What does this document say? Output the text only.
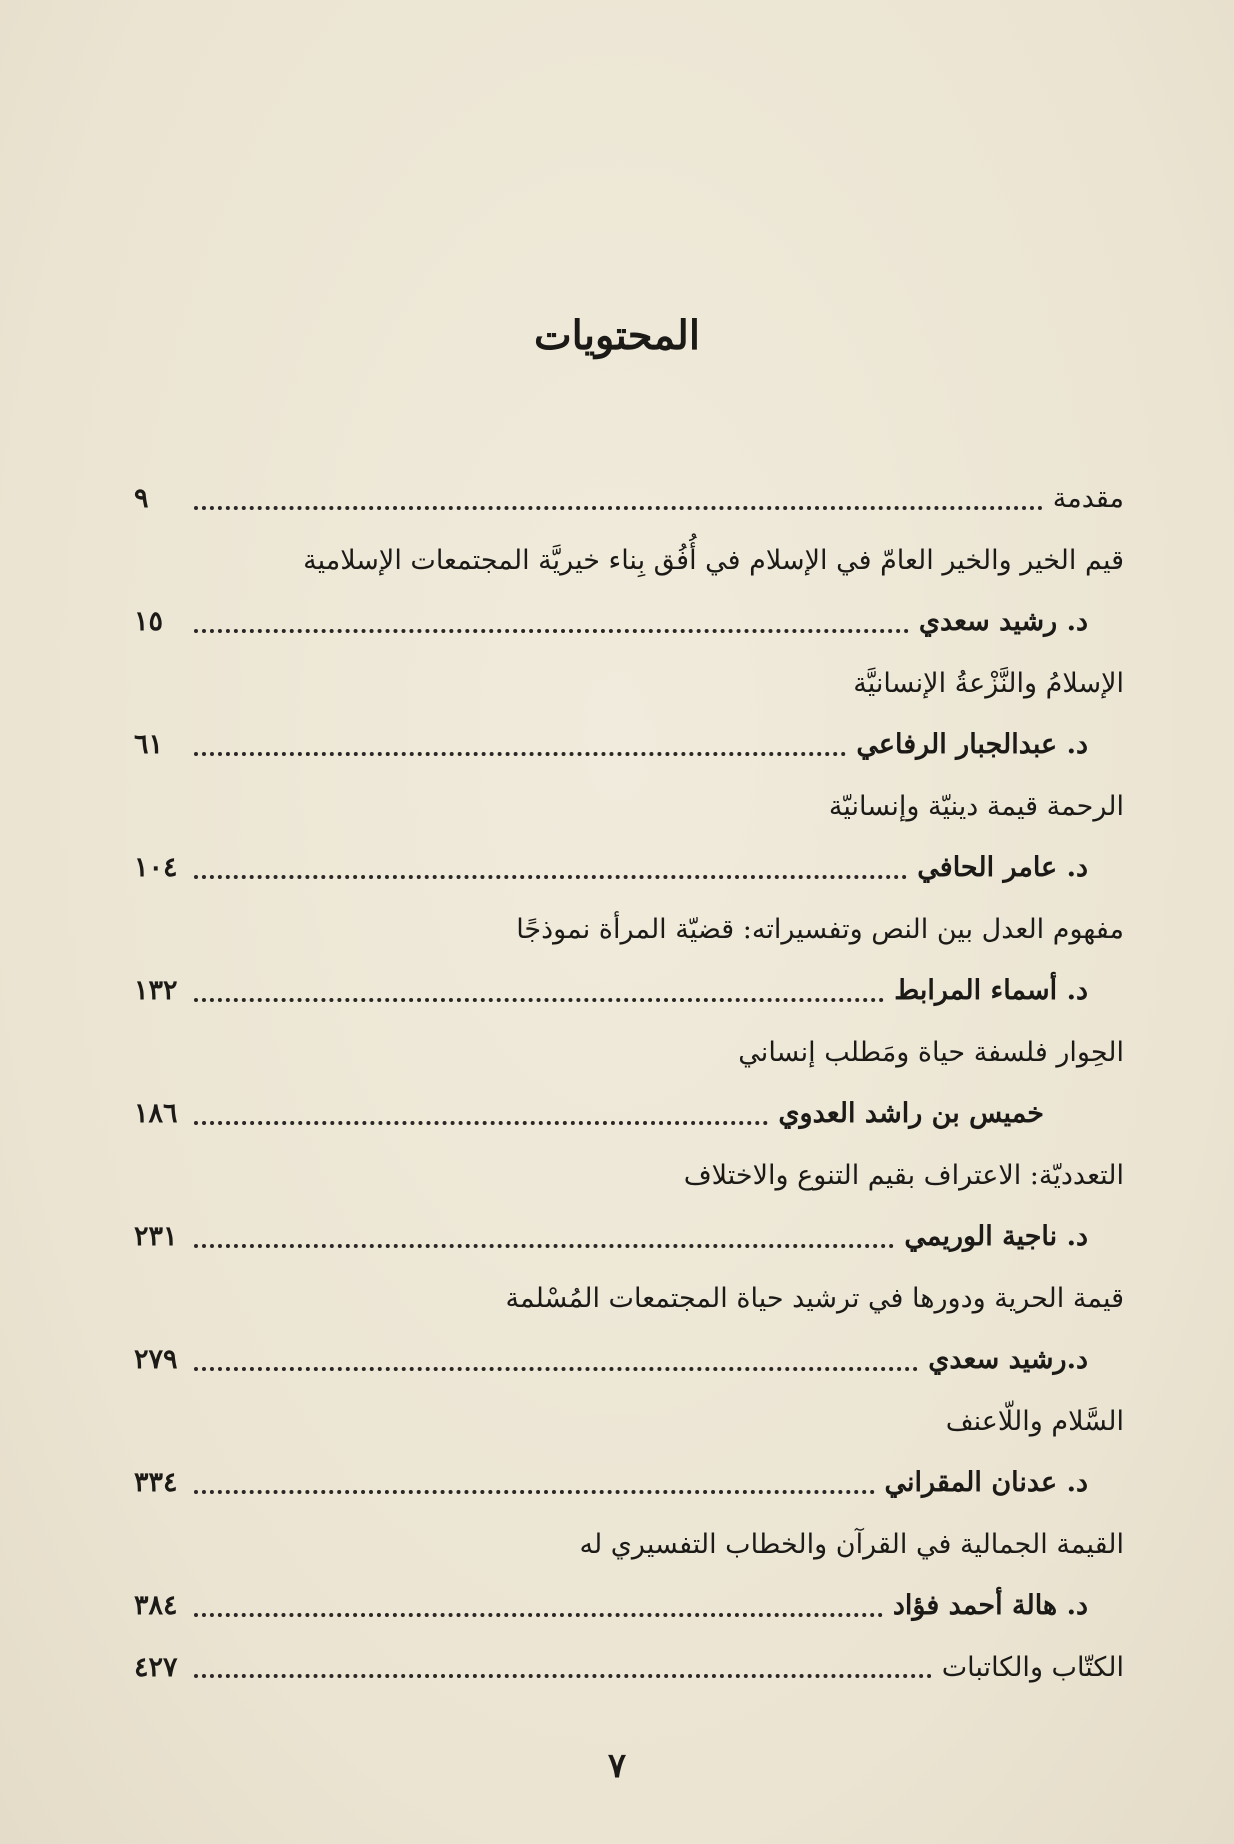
المحتويات
مقدمة
٩
قيم الخير والخير العامّ في الإسلام في أُفُق بِناء خيريَّة المجتمعات الإسلامية
د. رشيد سعدي
١٥
الإسلامُ والنَّزْعةُ الإنسانيَّة
د. عبدالجبار الرفاعي
٦١
الرحمة قيمة دينيّة وإنسانيّة
د. عامر الحافي
١٠٤
مفهوم العدل بين النص وتفسيراته: قضيّة المرأة نموذجًا
د. أسماء المرابط
١٣٢
الحِوار فلسفة حياة ومَطلب إنساني
خميس بن راشد العدوي
١٨٦
التعدديّة: الاعتراف بقيم التنوع والاختلاف
د. ناجية الوريمي
٢٣١
قيمة الحرية ودورها في ترشيد حياة المجتمعات المُسْلمة
د.رشيد سعدي
٢٧٩
السَّلام واللّاعنف
د. عدنان المقراني
٣٣٤
القيمة الجمالية في القرآن والخطاب التفسيري له
د. هالة أحمد فؤاد
٣٨٤
الكتّاب والكاتبات
٤٢٧
٧
